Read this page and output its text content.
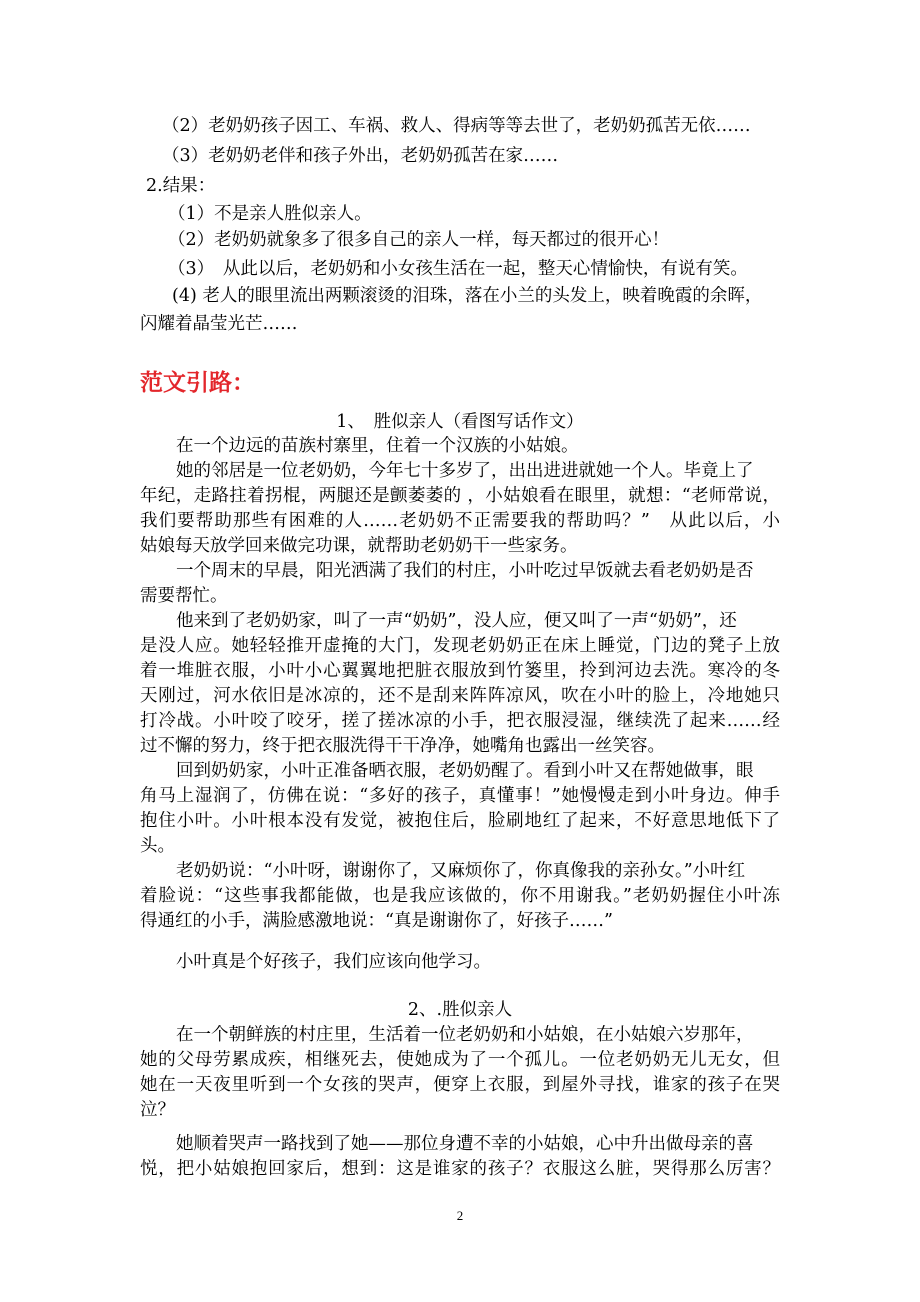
（2）老奶奶孩子因工、车祸、救人、得病等等去世了，老奶奶孤苦无依……
（3）老奶奶老伴和孩子外出，老奶奶孤苦在家……
2.结果：
（1）不是亲人胜似亲人。
（2）老奶奶就象多了很多自己的亲人一样，每天都过的很开心！
（3）　从此以后，老奶奶和小女孩生活在一起，整天心情愉快，有说有笑。
(4) 老人的眼里流出两颗滚烫的泪珠，落在小兰的头发上，映着晚霞的余晖，
闪耀着晶莹光芒……
范文引路：
1、　胜似亲人（看图写话作文）
在一个边远的苗族村寨里，住着一个汉族的小姑娘。
她的邻居是一位老奶奶，今年七十多岁了，出出进进就她一个人。毕竟上了
年纪，走路拄着拐棍，两腿还是颤萎萎的 ，小姑娘看在眼里，就想：“老师常说，
我们要帮助那些有困难的人……老奶奶不正需要我的帮助吗？”　从此以后，小
姑娘每天放学回来做完功课，就帮助老奶奶干一些家务。
一个周末的早晨，阳光洒满了我们的村庄，小叶吃过早饭就去看老奶奶是否
需要帮忙。
他来到了老奶奶家，叫了一声“奶奶”，没人应，便又叫了一声“奶奶”，还
是没人应。她轻轻推开虚掩的大门，发现老奶奶正在床上睡觉，门边的凳子上放
着一堆脏衣服，小叶小心翼翼地把脏衣服放到竹篓里，拎到河边去洗。寒冷的冬
天刚过，河水依旧是冰凉的，还不是刮来阵阵凉风，吹在小叶的脸上，冷地她只
打冷战。小叶咬了咬牙，搓了搓冰凉的小手，把衣服浸湿，继续洗了起来……经
过不懈的努力，终于把衣服洗得干干净净，她嘴角也露出一丝笑容。
回到奶奶家，小叶正准备晒衣服，老奶奶醒了。看到小叶又在帮她做事，眼
角马上湿润了，仿佛在说：“多好的孩子，真懂事！”她慢慢走到小叶身边。伸手
抱住小叶。小叶根本没有发觉，被抱住后，脸刷地红了起来，不好意思地低下了
头。
老奶奶说：“小叶呀，谢谢你了，又麻烦你了，你真像我的亲孙女。”小叶红
着脸说：“这些事我都能做，也是我应该做的，你不用谢我。”老奶奶握住小叶冻
得通红的小手，满脸感激地说：“真是谢谢你了，好孩子……”
小叶真是个好孩子，我们应该向他学习。
2、.胜似亲人
在一个朝鲜族的村庄里，生活着一位老奶奶和小姑娘，在小姑娘六岁那年，
她的父母劳累成疾，相继死去，使她成为了一个孤儿。一位老奶奶无儿无女，但
她在一天夜里听到一个女孩的哭声，便穿上衣服，到屋外寻找，谁家的孩子在哭
泣？
她顺着哭声一路找到了她——那位身遭不幸的小姑娘，心中升出做母亲的喜
悦，把小姑娘抱回家后，想到：这是谁家的孩子？衣服这么脏，哭得那么厉害？
2
